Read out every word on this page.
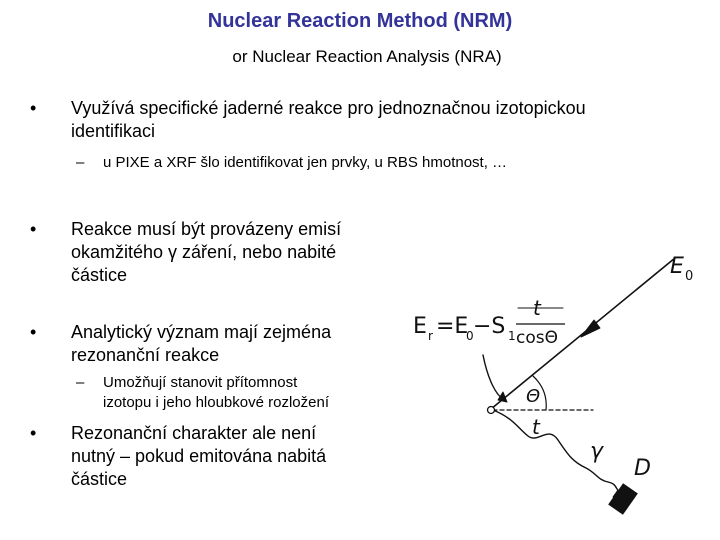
Nuclear Reaction Method (NRM)
or Nuclear Reaction Analysis (NRA)
• Využívá specifické jaderné reakce pro jednoznačnou izotopickou
identifikaci
– u PIXE a XRF šlo identifikovat jen prvky, u RBS hmotnost, …
• Reakce musí být provázeny emisí
okamžitého γ záření, nebo nabité
částice
• Analytický význam mají zejména
rezonanční reakce
– Umožňují stanovit přítomnost
izotopu i jeho hloubkové rozložení
• Rezonanční charakter ale není
nutný – pokud emitována nabitá
částice
E 0
E r =E
0 −S 1
t
cosΘ
Θ
t
γ
D
